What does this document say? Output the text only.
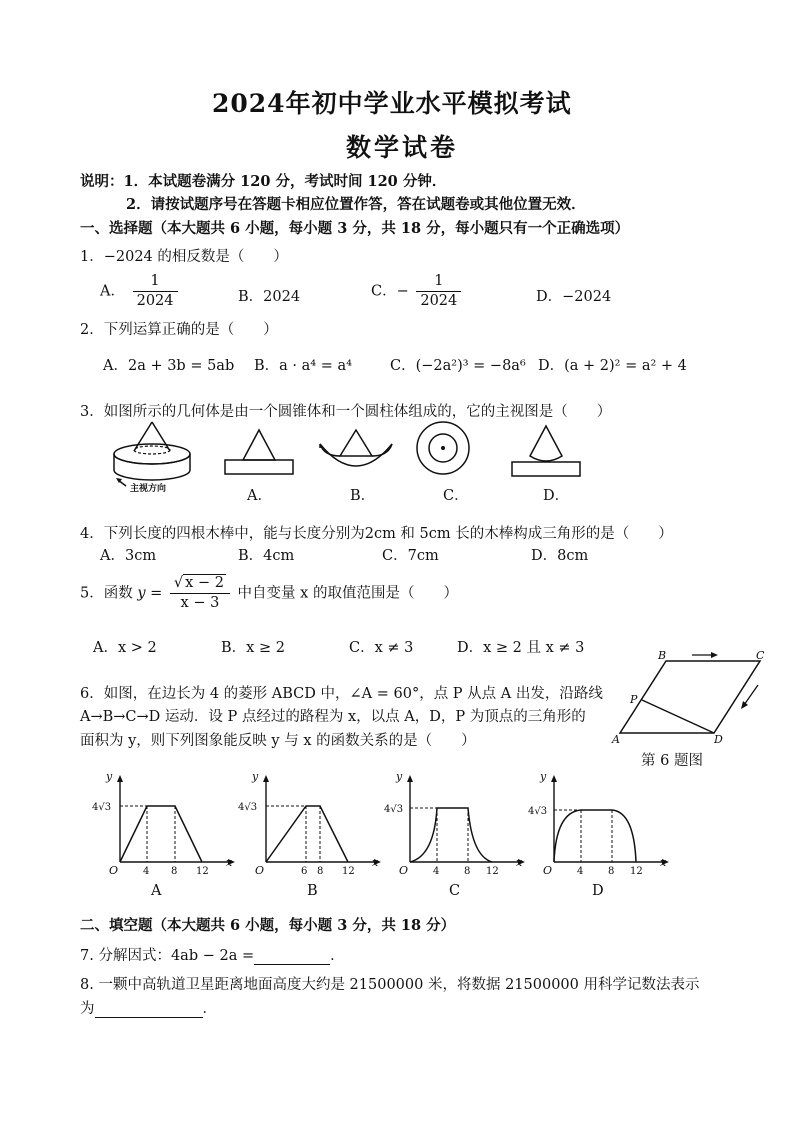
2024年初中学业水平模拟考试
数学试卷
说明：1．本试题卷满分 120 分，考试时间 120 分钟．
2．请按试题序号在答题卡相应位置作答，答在试题卷或其他位置无效．
一、选择题（本大题共 6 小题，每小题 3 分，共 18 分，每小题只有一个正确选项）
1．−2024 的相反数是（　　）
A． $\frac{1}{2024}$	B．2024	C．− $\frac{1}{2024}$	D．−2024
2．下列运算正确的是（　　）
A．2a + 3b = 5ab B．a · a⁴ = a⁴	C．(−2a²)³ = −8a⁶ D．(a + 2)² = a² + 4
3．如图所示的几何体是由一个圆锥体和一个圆柱体组成的，它的主视图是（　　）
主视方向	A．	B．	C．	D．
4．下列长度的四根木棒中，能与长度分别为2cm 和 5cm 长的木棒构成三角形的是（　　）
A．3cm	B．4cm	C．7cm	D．8cm
5．函数 $y = \frac{√ x - 2}{x - 3}$ 中自变量 x 的取值范围是（　　）
A．x > 2	B．x ≥ 2	C．x ≠ 3	D．x ≥ 2 且 x ≠ 3
6．如图，在边长为 4 的菱形 ABCD 中，∠A = 60°，点 P 从点 A 出发，沿路线
A→B→C→D 运动．设 P 点经过的路程为 x，以点 A，D，P 为顶点的三角形的
面积为 y，则下列图象能反映 y 与 x 的函数关系的是（　　）
B	C
A	D
P
第 6 题图
y
x
O
4√3
4 8 12
A
y
x
O
4√3
6 8 12
B
y
x
O
4√3
4 8 12
C
y
x
O
4√3
4 8 12
D
二、填空题（本大题共 6 小题，每小题 3 分，共 18 分）
7. 分解因式：4ab − 2a =	．
8. 一颗中高轨道卫星距离地面高度大约是 21500000 米，将数据 21500000 用科学记数法表示
为	．
